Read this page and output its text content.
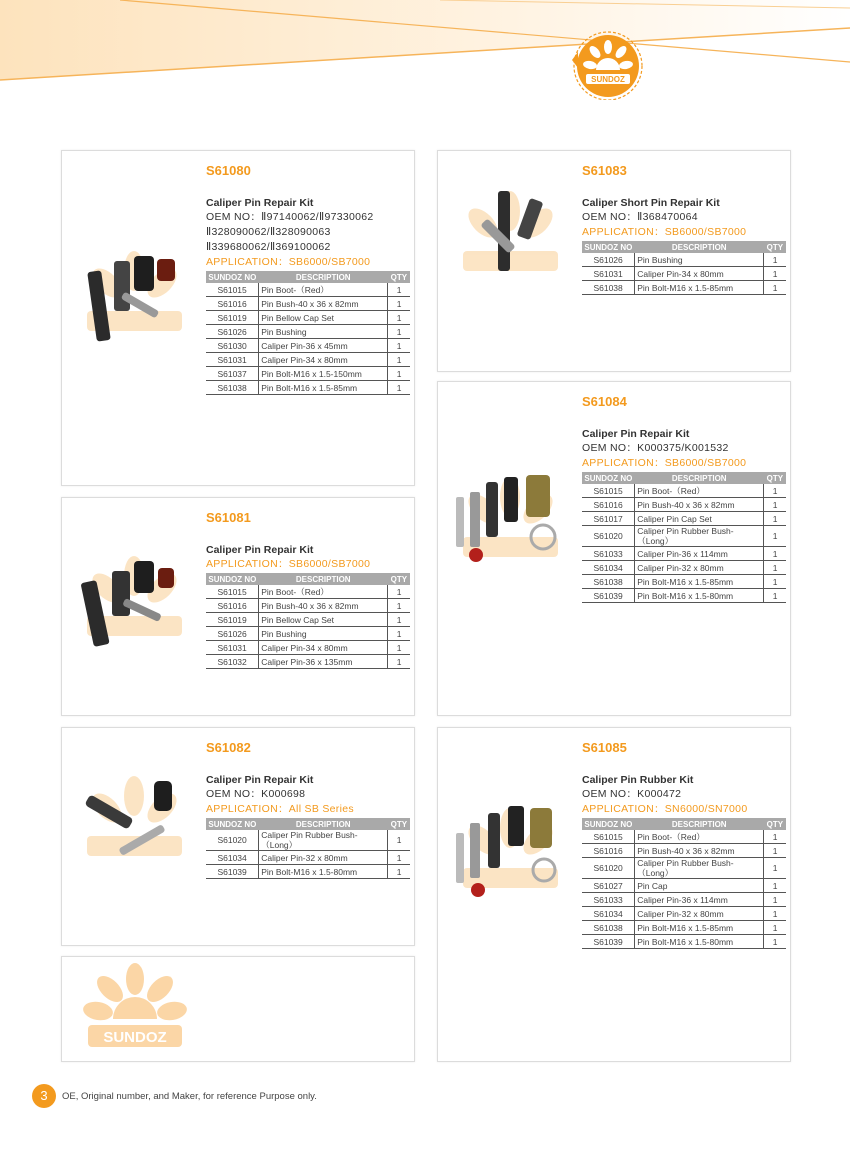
SUNDOZ

S61080

Caliper Pin Repair Kit

OEM NO：Ⅱ97140062/Ⅱ97330062

Ⅱ328090062/Ⅱ328090063

Ⅱ339680062/Ⅱ369100062

APPLICATION：SB6000/SB7000

SUNDOZ NO	DESCRIPTION	QTY
S61015	Pin Boot-（Red）	1
S61016	Pin Bush-40 x 36 x 82mm	1
S61019	Pin Bellow Cap Set	1
S61026	Pin Bushing	1
S61030	Caliper Pin-36 x 45mm	1
S61031	Caliper Pin-34 x 80mm	1
S61037	Pin Bolt-M16 x 1.5-150mm	1
S61038	Pin Bolt-M16 x 1.5-85mm	1

S61081

Caliper Pin Repair Kit

APPLICATION：SB6000/SB7000

SUNDOZ NO	DESCRIPTION	QTY
S61015	Pin Boot-（Red）	1
S61016	Pin Bush-40 x 36 x 82mm	1
S61019	Pin Bellow Cap Set	1
S61026	Pin Bushing	1
S61031	Caliper Pin-34 x 80mm	1
S61032	Caliper Pin-36 x 135mm	1

S61082

Caliper Pin Repair Kit

OEM NO：K000698

APPLICATION：All SB Series

SUNDOZ NO	DESCRIPTION	QTY
S61020	Caliper Pin Rubber Bush-（Long）	1
S61034	Caliper Pin-32 x 80mm	1
S61039	Pin Bolt-M16 x 1.5-80mm	1
SUNDOZ

S61083

Caliper Short Pin Repair Kit

OEM NO：Ⅱ368470064

APPLICATION：SB6000/SB7000

SUNDOZ NO	DESCRIPTION	QTY
S61026	Pin Bushing	1
S61031	Caliper Pin-34 x 80mm	1
S61038	Pin Bolt-M16 x 1.5-85mm	1

S61084

Caliper Pin Repair Kit

OEM NO：K000375/K001532

APPLICATION：SB6000/SB7000

SUNDOZ NO	DESCRIPTION	QTY
S61015	Pin Boot-（Red）	1
S61016	Pin Bush-40 x 36 x 82mm	1
S61017	Caliper Pin Cap Set	1
S61020	Caliper Pin Rubber Bush-（Long）	1
S61033	Caliper Pin-36 x 114mm	1
S61034	Caliper Pin-32 x 80mm	1
S61038	Pin Bolt-M16 x 1.5-85mm	1
S61039	Pin Bolt-M16 x 1.5-80mm	1

S61085

Caliper Pin Rubber Kit

OEM NO：K000472

APPLICATION：SN6000/SN7000

SUNDOZ NO	DESCRIPTION	QTY
S61015	Pin Boot-（Red）	1
S61016	Pin Bush-40 x 36 x 82mm	1
S61020	Caliper Pin Rubber Bush-（Long）	1
S61027	Pin Cap	1
S61033	Caliper Pin-36 x 114mm	1
S61034	Caliper Pin-32 x 80mm	1
S61038	Pin Bolt-M16 x 1.5-85mm	1
S61039	Pin Bolt-M16 x 1.5-80mm	1
3	OE, Original number, and Maker, for reference Purpose only.
